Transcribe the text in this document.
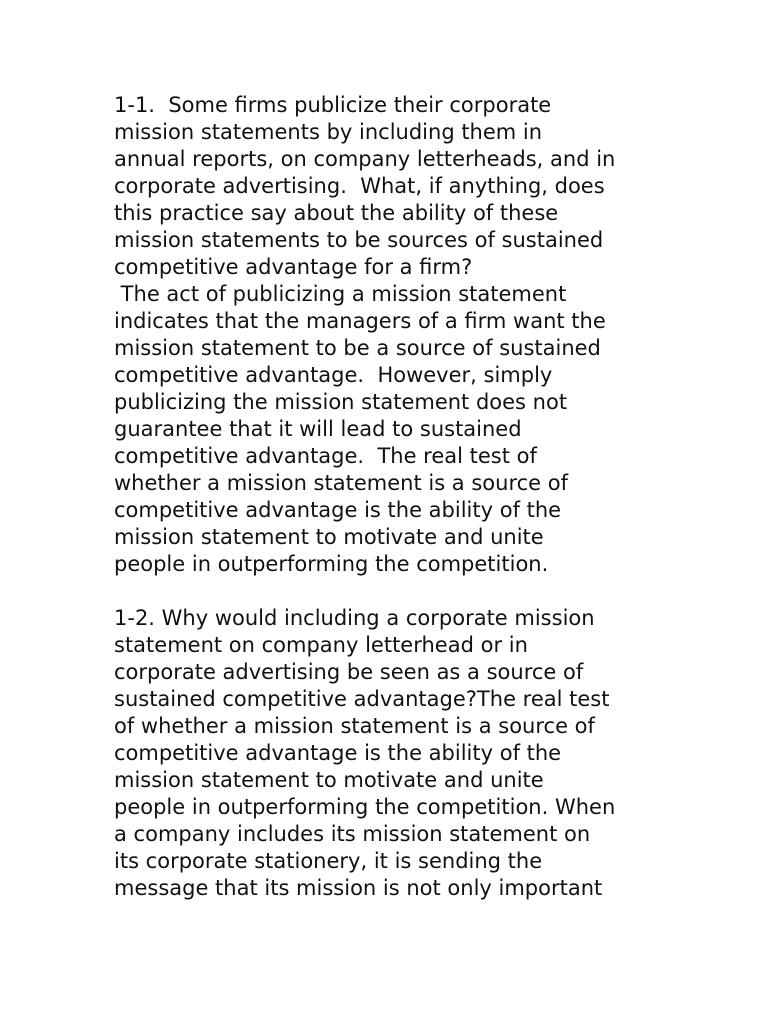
1-1.  Some firms publicize their corporate
mission statements by including them in
annual reports, on company letterheads, and in
corporate advertising.  What, if anything, does
this practice say about the ability of these
mission statements to be sources of sustained
competitive advantage for a firm?
The act of publicizing a mission statement
indicates that the managers of a firm want the
mission statement to be a source of sustained
competitive advantage.  However, simply
publicizing the mission statement does not
guarantee that it will lead to sustained
competitive advantage.  The real test of
whether a mission statement is a source of
competitive advantage is the ability of the
mission statement to motivate and unite
people in outperforming the competition.
1-2. Why would including a corporate mission
statement on company letterhead or in
corporate advertising be seen as a source of
sustained competitive advantage?The real test
of whether a mission statement is a source of
competitive advantage is the ability of the
mission statement to motivate and unite
people in outperforming the competition. When
a company includes its mission statement on
its corporate stationery, it is sending the
message that its mission is not only important
